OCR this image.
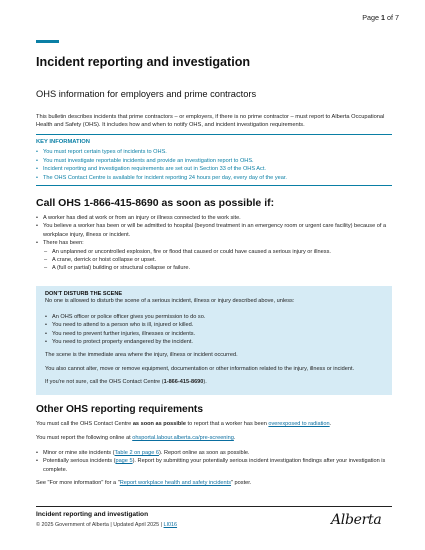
Page 1 of 7
Incident reporting and investigation
OHS information for employers and prime contractors

This bulletin describes incidents that prime contractors – or employers, if there is no prime contractor – must report to Alberta Occupational Health and Safety (OHS). It includes how and when to notify OHS, and incident investigation requirements.

KEY INFORMATION
• You must report certain types of incidents to OHS.
• You must investigate reportable incidents and provide an investigation report to OHS.
• Incident reporting and investigation requirements are set out in Section 33 of the OHS Act.
• The OHS Contact Centre is available for incident reporting 24 hours per day, every day of the year.
Call OHS 1-866-415-8690 as soon as possible if:
• A worker has died at work or from an injury or illness connected to the work site.
• You believe a worker has been or will be admitted to hospital (beyond treatment in an emergency room or urgent care facility) because of a workplace injury, illness or incident.
• There has been:
– An unplanned or uncontrolled explosion, fire or flood that caused or could have caused a serious injury or illness.
– A crane, derrick or hoist collapse or upset.
– A (full or partial) building or structural collapse or failure.
DON'T DISTURB THE SCENE

No one is allowed to disturb the scene of a serious incident, illness or injury described above, unless:

• An OHS officer or police officer gives you permission to do so.
• You need to attend to a person who is ill, injured or killed.
• You need to prevent further injuries, illnesses or incidents.
• You need to protect property endangered by the incident.

The scene is the immediate area where the injury, illness or incident occurred.

You also cannot alter, move or remove equipment, documentation or other information related to the injury, illness or incident.

If you're not sure, call the OHS Contact Centre (1-866-415-8690).

Other OHS reporting requirements

You must call the OHS Contact Centre as soon as possible to report that a worker has been overexposed to radiation.

You must report the following online at ohsportal.labour.alberta.ca/pre-screening.

• Minor or mine site incidents (Table 2 on page 6). Report online as soon as possible.
• Potentially serious incidents (page 5). Report by submitting your potentially serious incident investigation findings after your investigation is complete.

See "For more information" for a "Report workplace health and safety incidents" poster.

Incident reporting and investigation
© 2025 Government of Alberta | Updated April 2025 | LI016	Alberta
